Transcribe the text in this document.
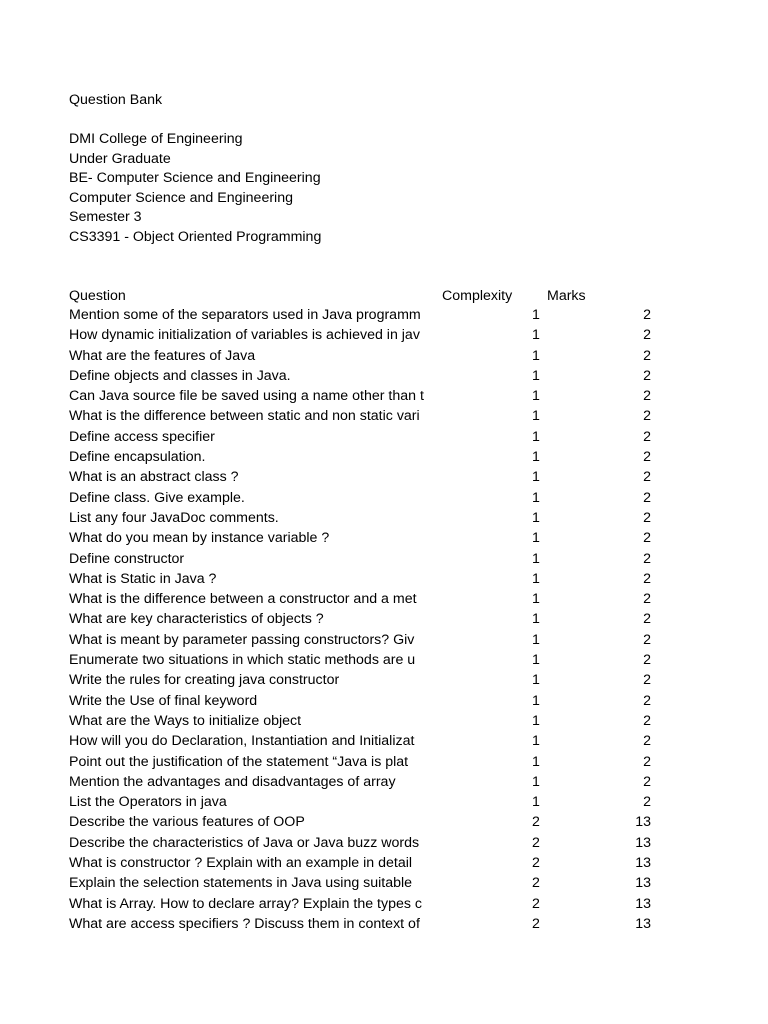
Question Bank
DMI College of Engineering
Under Graduate
BE- Computer Science and Engineering
Computer Science and Engineering
Semester 3
CS3391 - Object Oriented Programming
Question	Complexity Marks
Mention some of the separators used in Java programm	1	2
How dynamic initialization of variables is achieved in jav	1	2
What are the features of Java	1	2
Define objects and classes in Java.	1	2
Can Java source file be saved using a name other than t	1	2
What is the difference between static and non static vari	1	2
Define access specifier	1	2
Define encapsulation.	1	2
What is an abstract class ?	1	2
Define class. Give example.	1	2
List any four JavaDoc comments.	1	2
What do you mean by instance variable ?	1	2
Define constructor	1	2
What is Static in Java ?	1	2
What is the difference between a constructor and a met	1	2
What are key characteristics of objects ?	1	2
What is meant by parameter passing constructors? Giv	1	2
Enumerate two situations in which static methods are u	1	2
Write the rules for creating java constructor	1	2
Write the Use of final keyword	1	2
What are the Ways to initialize object	1	2
How will you do Declaration, Instantiation and Initializat	1	2
Point out the justification of the statement “Java is plat	1	2
Mention the advantages and disadvantages of array	1	2
List the Operators in java	1	2
Describe the various features of OOP	2	13
Describe the characteristics of Java or Java buzz words	2	13
What is constructor ? Explain with an example in detail	2	13
Explain the selection statements in Java using suitable	2	13
What is Array. How to declare array? Explain the types c	2	13
What are access specifiers ? Discuss them in context of	2	13
